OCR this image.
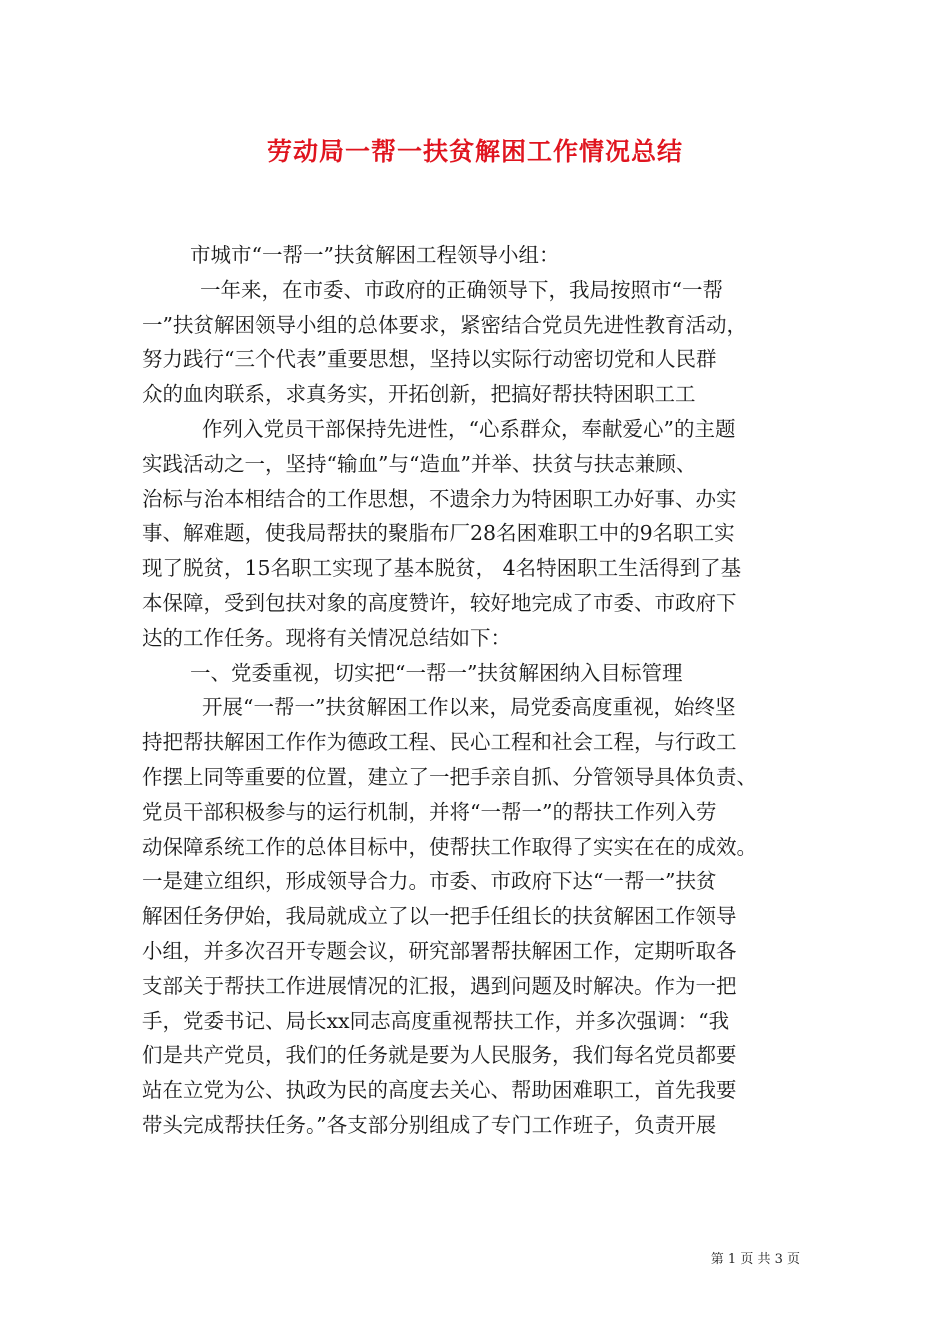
劳动局一帮一扶贫解困工作情况总结
市城市“一帮一”扶贫解困工程领导小组：
一年来，在市委、市政府的正确领导下，我局按照市“一帮
一”扶贫解困领导小组的总体要求，紧密结合党员先进性教育活动，
努力践行“三个代表”重要思想，坚持以实际行动密切党和人民群
众的血肉联系，求真务实，开拓创新，把搞好帮扶特困职工工
作列入党员干部保持先进性，“心系群众，奉献爱心”的主题
实践活动之一，坚持“输血”与“造血”并举、扶贫与扶志兼顾、
治标与治本相结合的工作思想，不遗余力为特困职工办好事、办实
事、解难题，使我局帮扶的聚脂布厂28名困难职工中的9名职工实
现了脱贫，15名职工实现了基本脱贫， 4名特困职工生活得到了基
本保障，受到包扶对象的高度赞许，较好地完成了市委、市政府下
达的工作任务。现将有关情况总结如下：
一、党委重视，切实把“一帮一”扶贫解困纳入目标管理
开展“一帮一”扶贫解困工作以来，局党委高度重视，始终坚
持把帮扶解困工作作为德政工程、民心工程和社会工程，与行政工
作摆上同等重要的位置，建立了一把手亲自抓、分管领导具体负责、
党员干部积极参与的运行机制，并将“一帮一”的帮扶工作列入劳
动保障系统工作的总体目标中，使帮扶工作取得了实实在在的成效。
一是建立组织，形成领导合力。市委、市政府下达“一帮一”扶贫
解困任务伊始，我局就成立了以一把手任组长的扶贫解困工作领导
小组，并多次召开专题会议，研究部署帮扶解困工作，定期听取各
支部关于帮扶工作进展情况的汇报，遇到问题及时解决。作为一把
手，党委书记、局长xx同志高度重视帮扶工作，并多次强调：“我
们是共产党员，我们的任务就是要为人民服务，我们每名党员都要
站在立党为公、执政为民的高度去关心、帮助困难职工，首先我要
带头完成帮扶任务。”各支部分别组成了专门工作班子，负责开展
第 1 页 共 3 页
